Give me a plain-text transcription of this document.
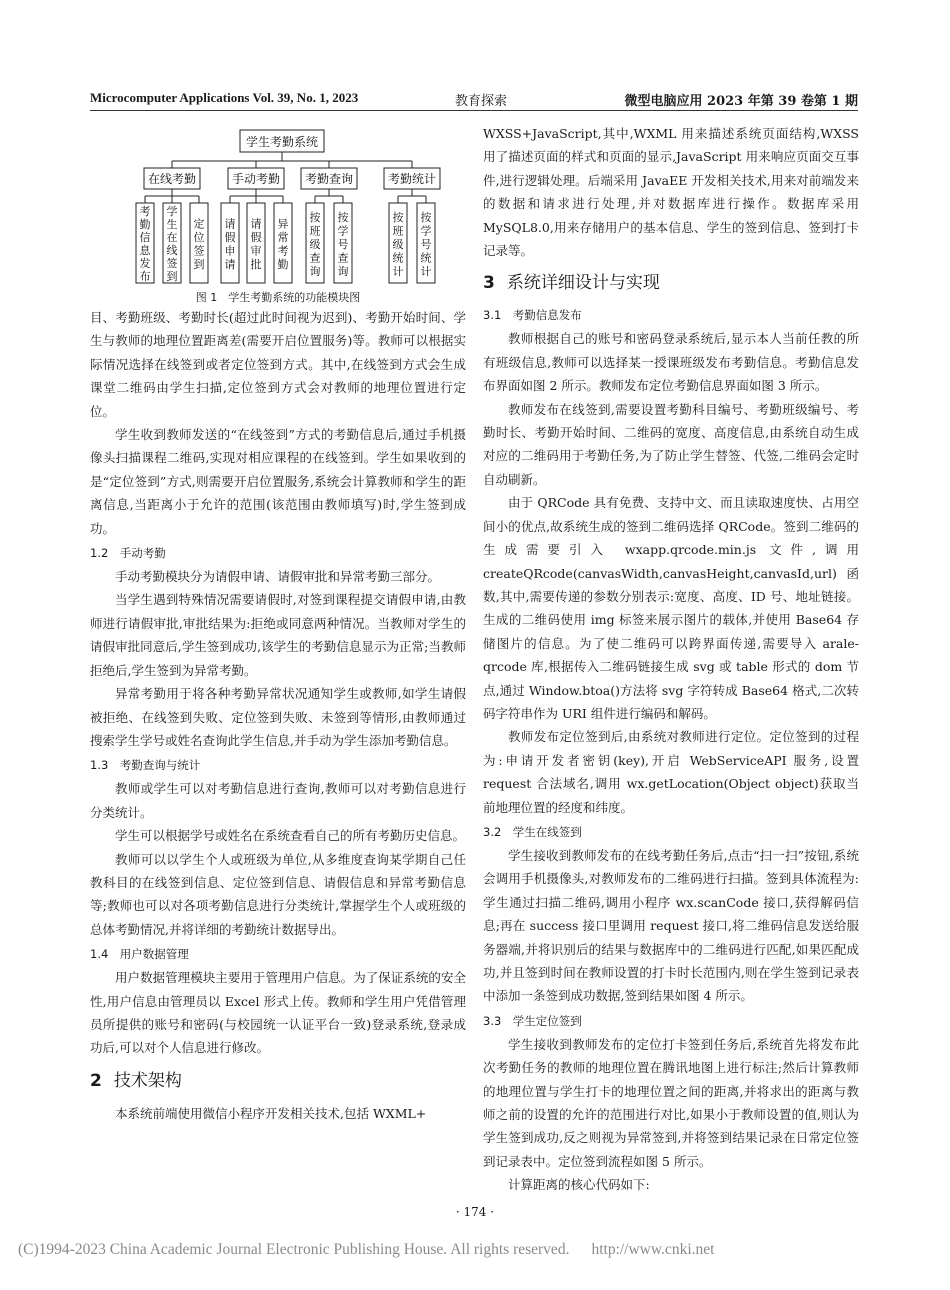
Microcomputer Applications Vol. 39, No. 1, 2023	教育探索	微型电脑应用 2023 年第 39 卷第 1 期
学生考勤系统
在线考勤	手动考勤 考勤查询	考勤统计
考勤信息发布
学生在线签到
定位签到
请假申请
请假审批
异常考勤
按班级查询
按学号查询
按班级统计
按学号统计
图 1　学生考勤系统的功能模块图

目、考勤班级、考勤时长(超过此时间视为迟到)、考勤开始时间、学生与教师的地理位置距离差(需要开启位置服务)等。教师可以根据实际情况选择在线签到或者定位签到方式。其中,在线签到方式会生成课堂二维码由学生扫描,定位签到方式会对教师的地理位置进行定位。

学生收到教师发送的“在线签到”方式的考勤信息后,通过手机摄像头扫描课程二维码,实现对相应课程的在线签到。学生如果收到的是“定位签到”方式,则需要开启位置服务,系统会计算教师和学生的距离信息,当距离小于允许的范围(该范围由教师填写)时,学生签到成功。

1.2　手动考勤

手动考勤模块分为请假申请、请假审批和异常考勤三部分。

当学生遇到特殊情况需要请假时,对签到课程提交请假申请,由教师进行请假审批,审批结果为:拒绝或同意两种情况。当教师对学生的请假审批同意后,学生签到成功,该学生的考勤信息显示为正常;当教师拒绝后,学生签到为异常考勤。

异常考勤用于将各种考勤异常状况通知学生或教师,如学生请假被拒绝、在线签到失败、定位签到失败、未签到等情形,由教师通过搜索学生学号或姓名查询此学生信息,并手动为学生添加考勤信息。

1.3　考勤查询与统计

教师或学生可以对考勤信息进行查询,教师可以对考勤信息进行分类统计。

学生可以根据学号或姓名在系统查看自己的所有考勤历史信息。

教师可以以学生个人或班级为单位,从多维度查询某学期自己任教科目的在线签到信息、定位签到信息、请假信息和异常考勤信息等;教师也可以对各项考勤信息进行分类统计,掌握学生个人或班级的总体考勤情况,并将详细的考勤统计数据导出。

1.4　用户数据管理

用户数据管理模块主要用于管理用户信息。为了保证系统的安全性,用户信息由管理员以 Excel 形式上传。教师和学生用户凭借管理员所提供的账号和密码(与校园统一认证平台一致)登录系统,登录成功后,可以对个人信息进行修改。

2 技术架构

本系统前端使用微信小程序开发相关技术,包括 WXML+

WXSS+JavaScript,其中,WXML 用来描述系统页面结构,WXSS 用了描述页面的样式和页面的显示,JavaScript 用来响应页面交互事件,进行逻辑处理。后端采用 JavaEE 开发相关技术,用来对前端发来的数据和请求进行处理,并对数据库进行操作。数据库采用 MySQL8.0,用来存储用户的基本信息、学生的签到信息、签到打卡记录等。

3 系统详细设计与实现
3.1　考勤信息发布

教师根据自己的账号和密码登录系统后,显示本人当前任教的所有班级信息,教师可以选择某一授课班级发布考勤信息。考勤信息发布界面如图 2 所示。教师发布定位考勤信息界面如图 3 所示。

教师发布在线签到,需要设置考勤科目编号、考勤班级编号、考勤时长、考勤开始时间、二维码的宽度、高度信息,由系统自动生成对应的二维码用于考勤任务,为了防止学生替签、代签,二维码会定时自动刷新。

由于 QRCode 具有免费、支持中文、而且读取速度快、占用空间小的优点,故系统生成的签到二维码选择 QRCode。签到二维码的生成需要引入 wxapp.qrcode.min.js 文件,调用 createQRcode(canvasWidth,canvasHeight,canvasId,url)函数,其中,需要传递的参数分别表示:宽度、高度、ID 号、地址链接。生成的二维码使用 img 标签来展示图片的载体,并使用 Base64 存储图片的信息。为了使二维码可以跨界面传递,需要导入 arale-qrcode 库,根据传入二维码链接生成 svg 或 table 形式的 dom 节点,通过 Window.btoa()方法将 svg 字符转成 Base64 格式,二次转码字符串作为 URI 组件进行编码和解码。

教师发布定位签到后,由系统对教师进行定位。定位签到的过程为:申请开发者密钥(key),开启 WebServiceAPI 服务,设置 request 合法域名,调用 wx.getLocation(Object object)获取当前地理位置的经度和纬度。

3.2　学生在线签到

学生接收到教师发布的在线考勤任务后,点击“扫一扫”按钮,系统会调用手机摄像头,对教师发布的二维码进行扫描。签到具体流程为:学生通过扫描二维码,调用小程序 wx.scanCode 接口,获得解码信息;再在 success 接口里调用 request 接口,将二维码信息发送给服务器端,并将识别后的结果与数据库中的二维码进行匹配,如果匹配成功,并且签到时间在教师设置的打卡时长范围内,则在学生签到记录表中添加一条签到成功数据,签到结果如图 4 所示。

3.3　学生定位签到

学生接收到教师发布的定位打卡签到任务后,系统首先将发布此次考勤任务的教师的地理位置在腾讯地图上进行标注;然后计算教师的地理位置与学生打卡的地理位置之间的距离,并将求出的距离与教师之前的设置的允许的范围进行对比,如果小于教师设置的值,则认为学生签到成功,反之则视为异常签到,并将签到结果记录在日常定位签到记录表中。定位签到流程如图 5 所示。

计算距离的核心代码如下:

· 174 ·
(C)1994-2023 China Academic Journal Electronic Publishing House. All rights reserved. http://www.cnki.net
